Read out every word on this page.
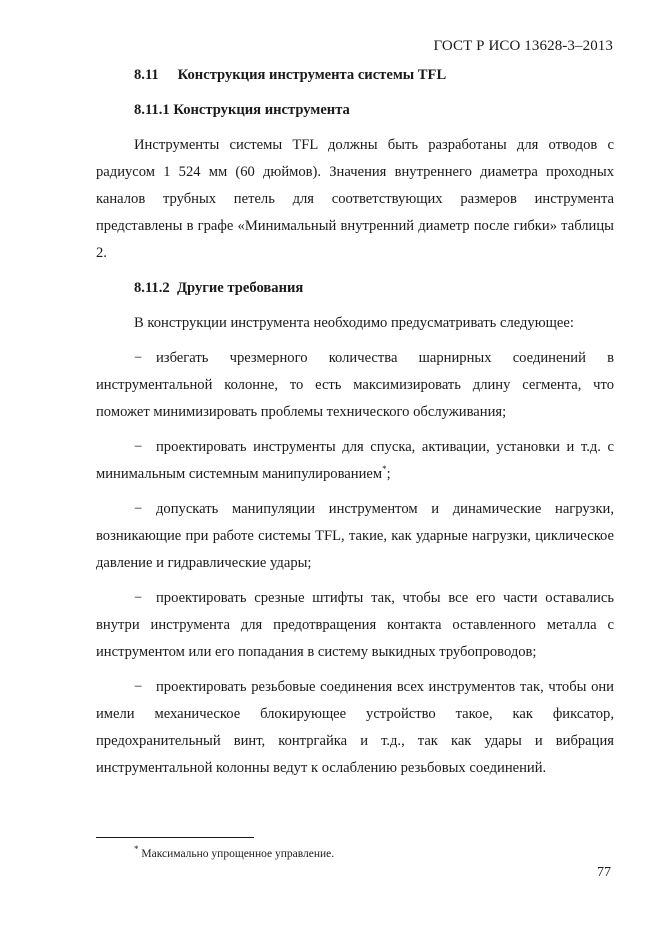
ГОСТ Р ИСО 13628-3–2013
8.11 Конструкция инструмента системы TFL
8.11.1 Конструкция инструмента

Инструменты системы TFL должны быть разработаны для отводов с радиусом 1 524 мм (60 дюймов). Значения внутреннего диаметра проходных каналов трубных петель для соответствующих размеров инструмента представлены в графе «Минимальный внутренний диаметр после гибки» таблицы 2.

8.11.2 Другие требования

В конструкции инструмента необходимо предусматривать следующее:

− избегать чрезмерного количества шарнирных соединений в инструментальной колонне, то есть максимизировать длину сегмента, что поможет минимизировать проблемы технического обслуживания;
− проектировать инструменты для спуска, активации, установки и т.д. с минимальным системным манипулированием*;
− допускать манипуляции инструментом и динамические нагрузки, возникающие при работе системы TFL, такие, как ударные нагрузки, циклическое давление и гидравлические удары;
− проектировать срезные штифты так, чтобы все его части оставались внутри инструмента для предотвращения контакта оставленного металла с инструментом или его попадания в систему выкидных трубопроводов;
− проектировать резьбовые соединения всех инструментов так, чтобы они имели механическое блокирующее устройство такое, как фиксатор, предохранительный винт, контргайка и т.д., так как удары и вибрация инструментальной колонны ведут к ослаблению резьбовых соединений.
* Максимально упрощенное управление.
77
